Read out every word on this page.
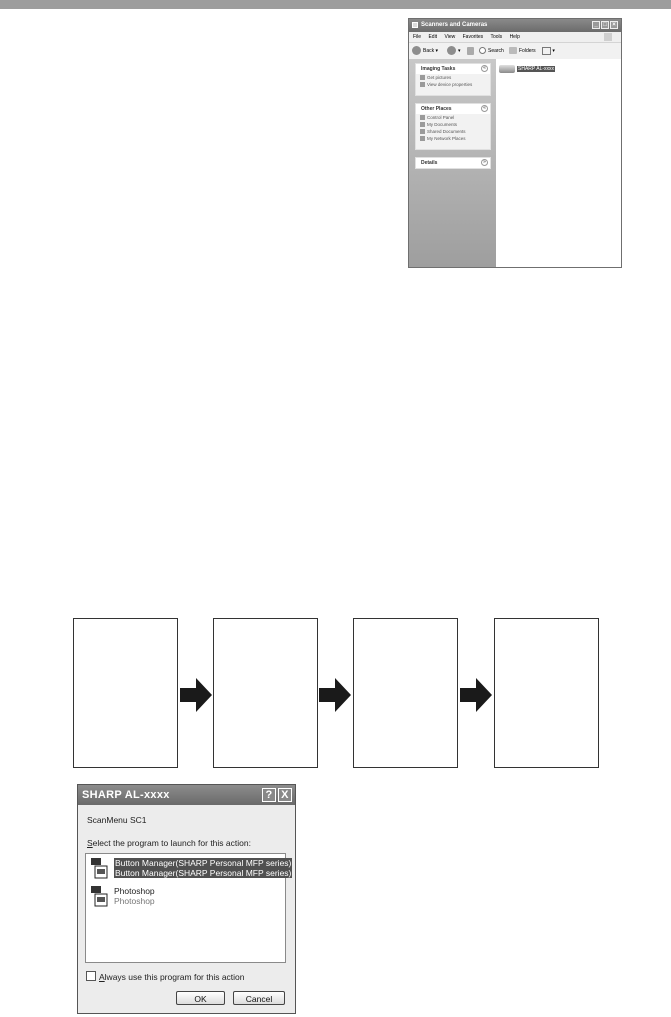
Scanners and Cameras	_ □ ×
File Edit View Favorites Tools Help
Back ▾	▾	Search	Folders	▾
Imaging Tasks	«
Get pictures
View device properties
Other Places	«
Control Panel
My Documents
Shared Documents
My Network Places
Details	»
SHARP AL-xxxx
SHARP AL-xxxx	? X
ScanMenu SC1
Select the program to launch for this action:
Button Manager(SHARP Personal MFP series)
Button Manager(SHARP Personal MFP series)
Photoshop
Photoshop
Always use this program for this action
OK	Cancel
